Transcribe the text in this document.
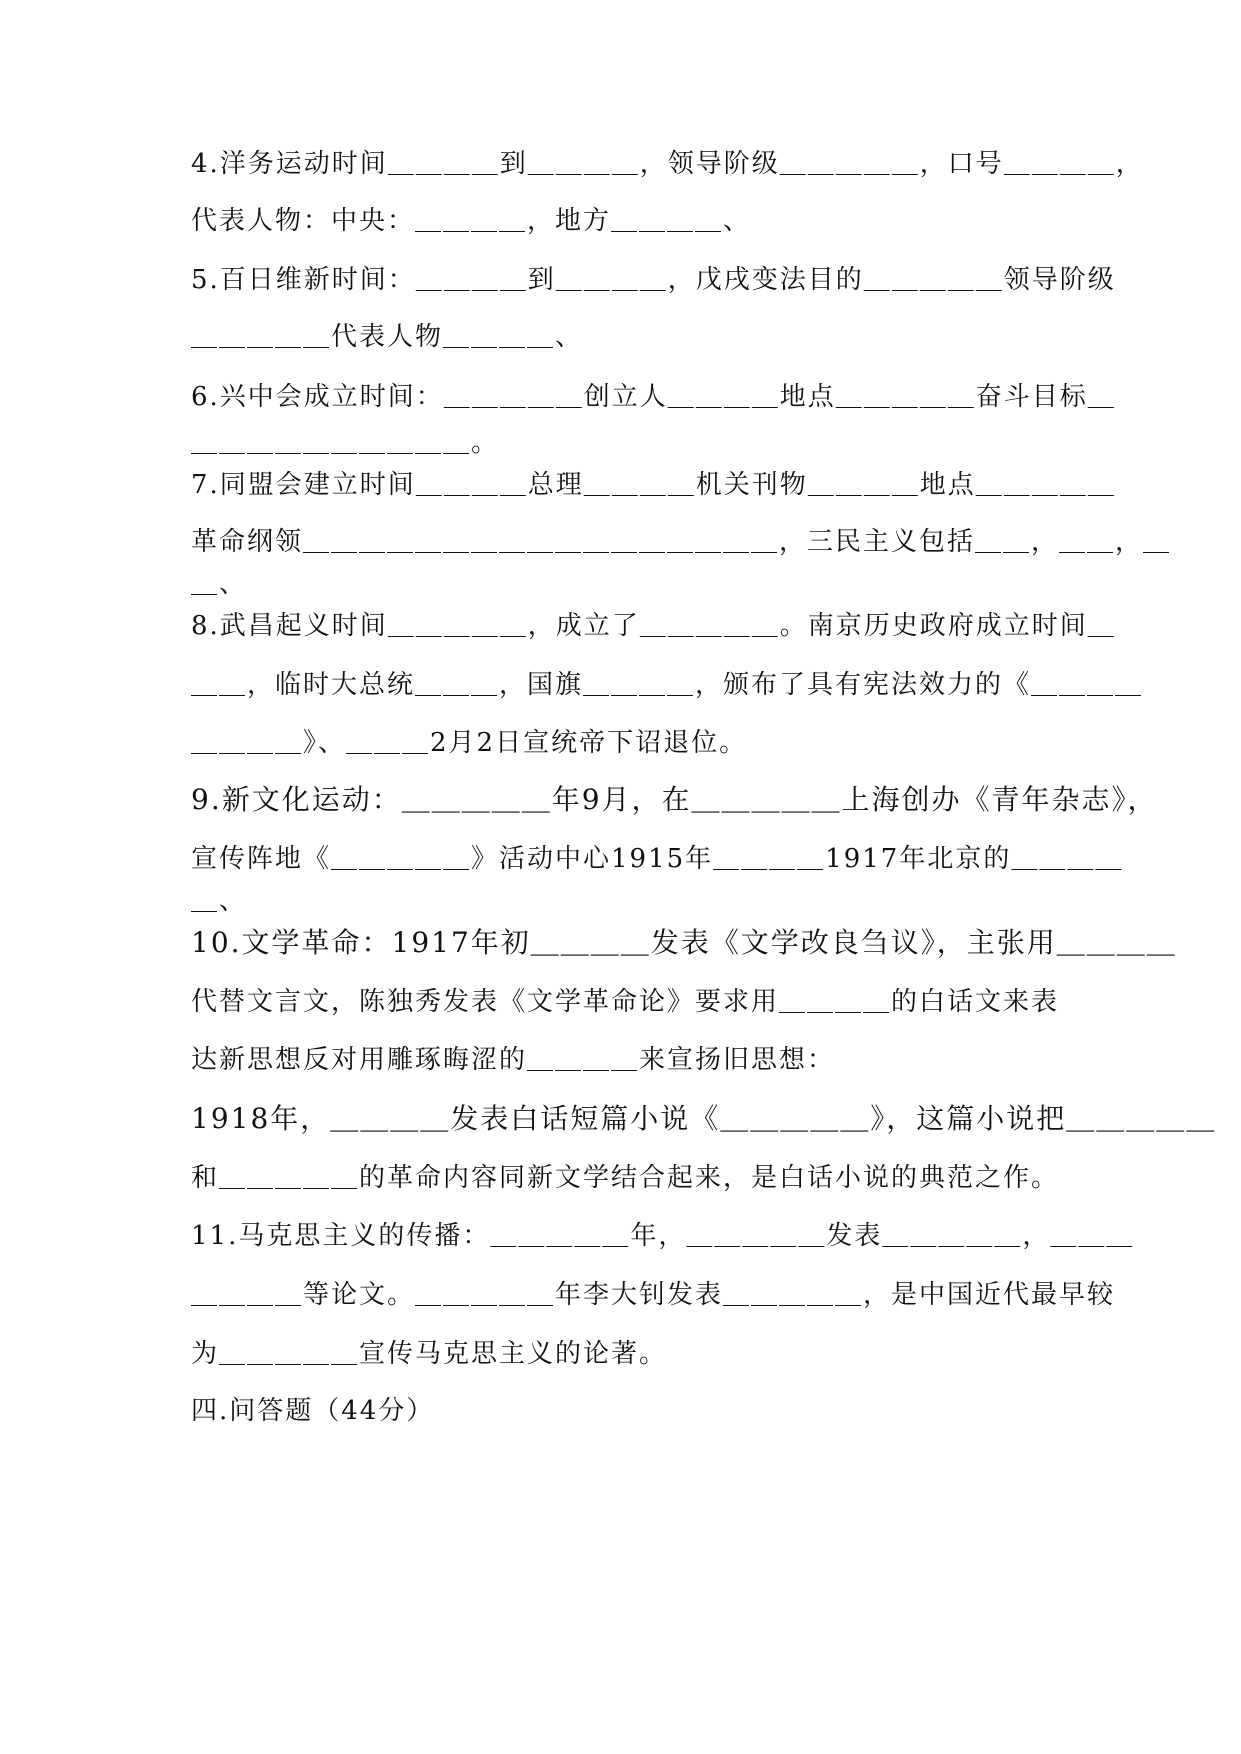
4.洋务运动时间＿＿＿＿到＿＿＿＿，领导阶级＿＿＿＿＿，口号＿＿＿＿，
代表人物：中央：＿＿＿＿，地方＿＿＿＿、
5.百日维新时间：＿＿＿＿到＿＿＿＿，戊戌变法目的＿＿＿＿＿领导阶级
＿＿＿＿＿代表人物＿＿＿＿、
6.兴中会成立时间：＿＿＿＿＿创立人＿＿＿＿地点＿＿＿＿＿奋斗目标＿
＿＿＿＿＿＿＿＿＿＿。
7.同盟会建立时间＿＿＿＿总理＿＿＿＿机关刊物＿＿＿＿地点＿＿＿＿＿
革命纲领＿＿＿＿＿＿＿＿＿＿＿＿＿＿＿＿＿，三民主义包括＿＿，＿＿，＿
＿、
8.武昌起义时间＿＿＿＿＿，成立了＿＿＿＿＿。南京历史政府成立时间＿
＿＿，临时大总统＿＿＿，国旗＿＿＿＿，颁布了具有宪法效力的《＿＿＿＿
＿＿＿＿》、＿＿＿2月2日宣统帝下诏退位。
9.新文化运动：＿＿＿＿＿年9月，在＿＿＿＿＿上海创办《青年杂志》，
宣传阵地《＿＿＿＿＿》活动中心1915年＿＿＿＿1917年北京的＿＿＿＿
＿、
10.文学革命：1917年初＿＿＿＿发表《文学改良刍议》，主张用＿＿＿＿
代替文言文，陈独秀发表《文学革命论》要求用＿＿＿＿的白话文来表
达新思想反对用雕琢晦涩的＿＿＿＿来宣扬旧思想：
1918年，＿＿＿＿发表白话短篇小说《＿＿＿＿＿》，这篇小说把＿＿＿＿＿
和＿＿＿＿＿的革命内容同新文学结合起来，是白话小说的典范之作。
11.马克思主义的传播：＿＿＿＿＿年，＿＿＿＿＿发表＿＿＿＿＿，＿＿＿
＿＿＿＿等论文。＿＿＿＿＿年李大钊发表＿＿＿＿＿，是中国近代最早较
为＿＿＿＿＿宣传马克思主义的论著。
四.问答题（44分）
